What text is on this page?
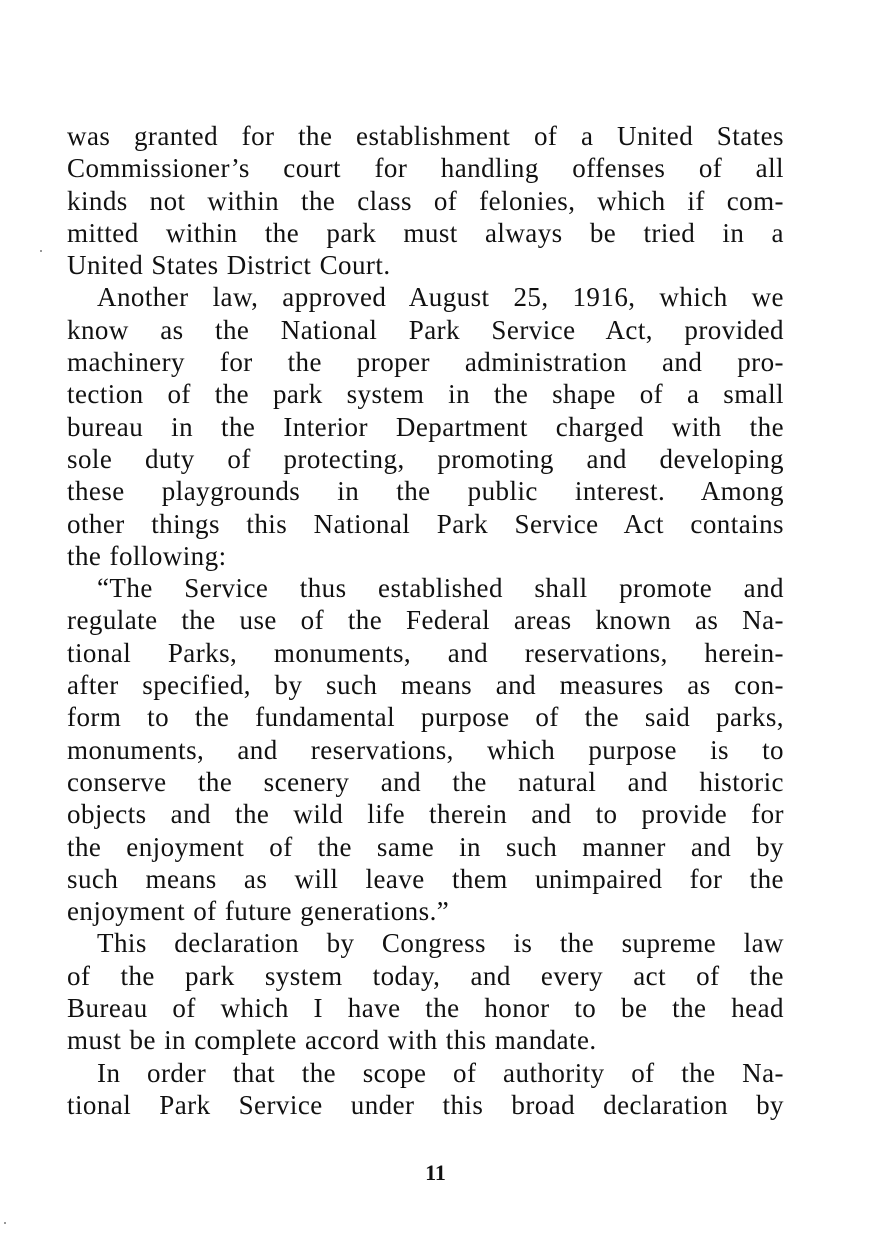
was granted for the establishment of a United States
Commissioner’s court for handling offenses of all
kinds not within the class of felonies, which if com-
mitted within the park must always be tried in a
United States District Court.
Another law, approved August 25, 1916, which we
know as the National Park Service Act, provided
machinery for the proper administration and pro-
tection of the park system in the shape of a small
bureau in the Interior Department charged with the
sole duty of protecting, promoting and developing
these playgrounds in the public interest. Among
other things this National Park Service Act contains
the following:
“The Service thus established shall promote and
regulate the use of the Federal areas known as Na-
tional Parks, monuments, and reservations, herein-
after specified, by such means and measures as con-
form to the fundamental purpose of the said parks,
monuments, and reservations, which purpose is to
conserve the scenery and the natural and historic
objects and the wild life therein and to provide for
the enjoyment of the same in such manner and by
such means as will leave them unimpaired for the
enjoyment of future generations.”
This declaration by Congress is the supreme law
of the park system today, and every act of the
Bureau of which I have the honor to be the head
must be in complete accord with this mandate.
In order that the scope of authority of the Na-
tional Park Service under this broad declaration by
11
